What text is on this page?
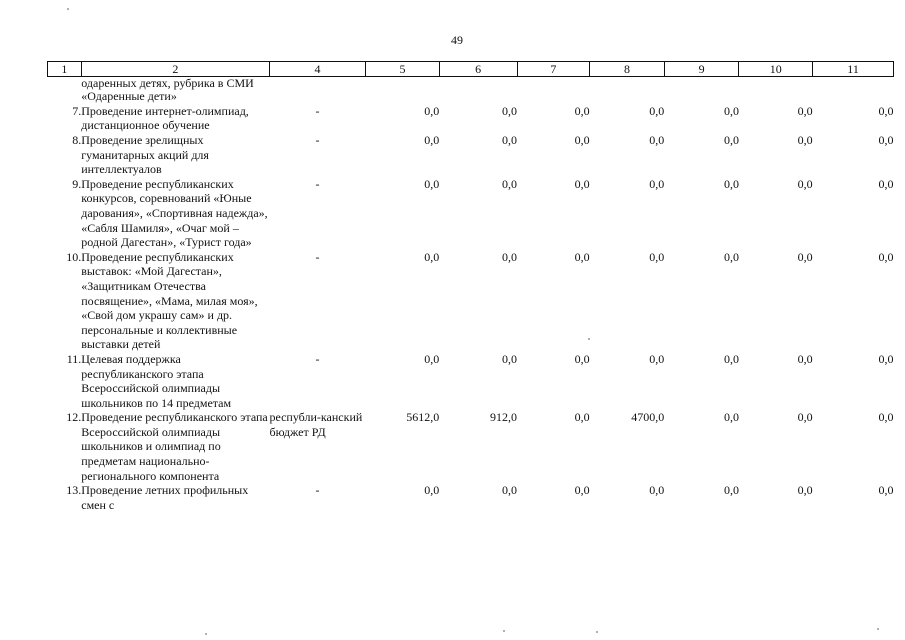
49
1	2	4	5	6	7	8	9	10	11
	одаренных детях, рубрика в СМИ «Одаренные дети»								
7.	Проведение интернет-олимпиад, дистанционное обучение	-	0,0	0,0	0,0	0,0	0,0	0,0	0,0
8.	Проведение зрелищных гуманитарных акций для интеллектуалов	-	0,0	0,0	0,0	0,0	0,0	0,0	0,0
9.	Проведение республиканских конкурсов, соревнований «Юные дарования», «Спортивная надежда», «Сабля Шамиля», «Очаг мой – родной Дагестан», «Турист года»	-	0,0	0,0	0,0	0,0	0,0	0,0	0,0
10.	Проведение республиканских выставок: «Мой Дагестан», «Защитникам Отечества посвящение», «Мама, милая моя», «Свой дом украшу сам» и др. персональные и коллективные выставки детей	-	0,0	0,0	0,0	0,0	0,0	0,0	0,0
11.	Целевая поддержка республиканского этапа Всероссийской олимпиады школьников по 14 предметам	-	0,0	0,0	0,0	0,0	0,0	0,0	0,0
12.	Проведение республиканского этапа Всероссийской олимпиады школьников и олимпиад по предметам национально-регионального компонента	республи-канский бюджет РД	5612,0	912,0	0,0	4700,0	0,0	0,0	0,0
13.	Проведение летних профильных смен с	-	0,0	0,0	0,0	0,0	0,0	0,0	0,0
